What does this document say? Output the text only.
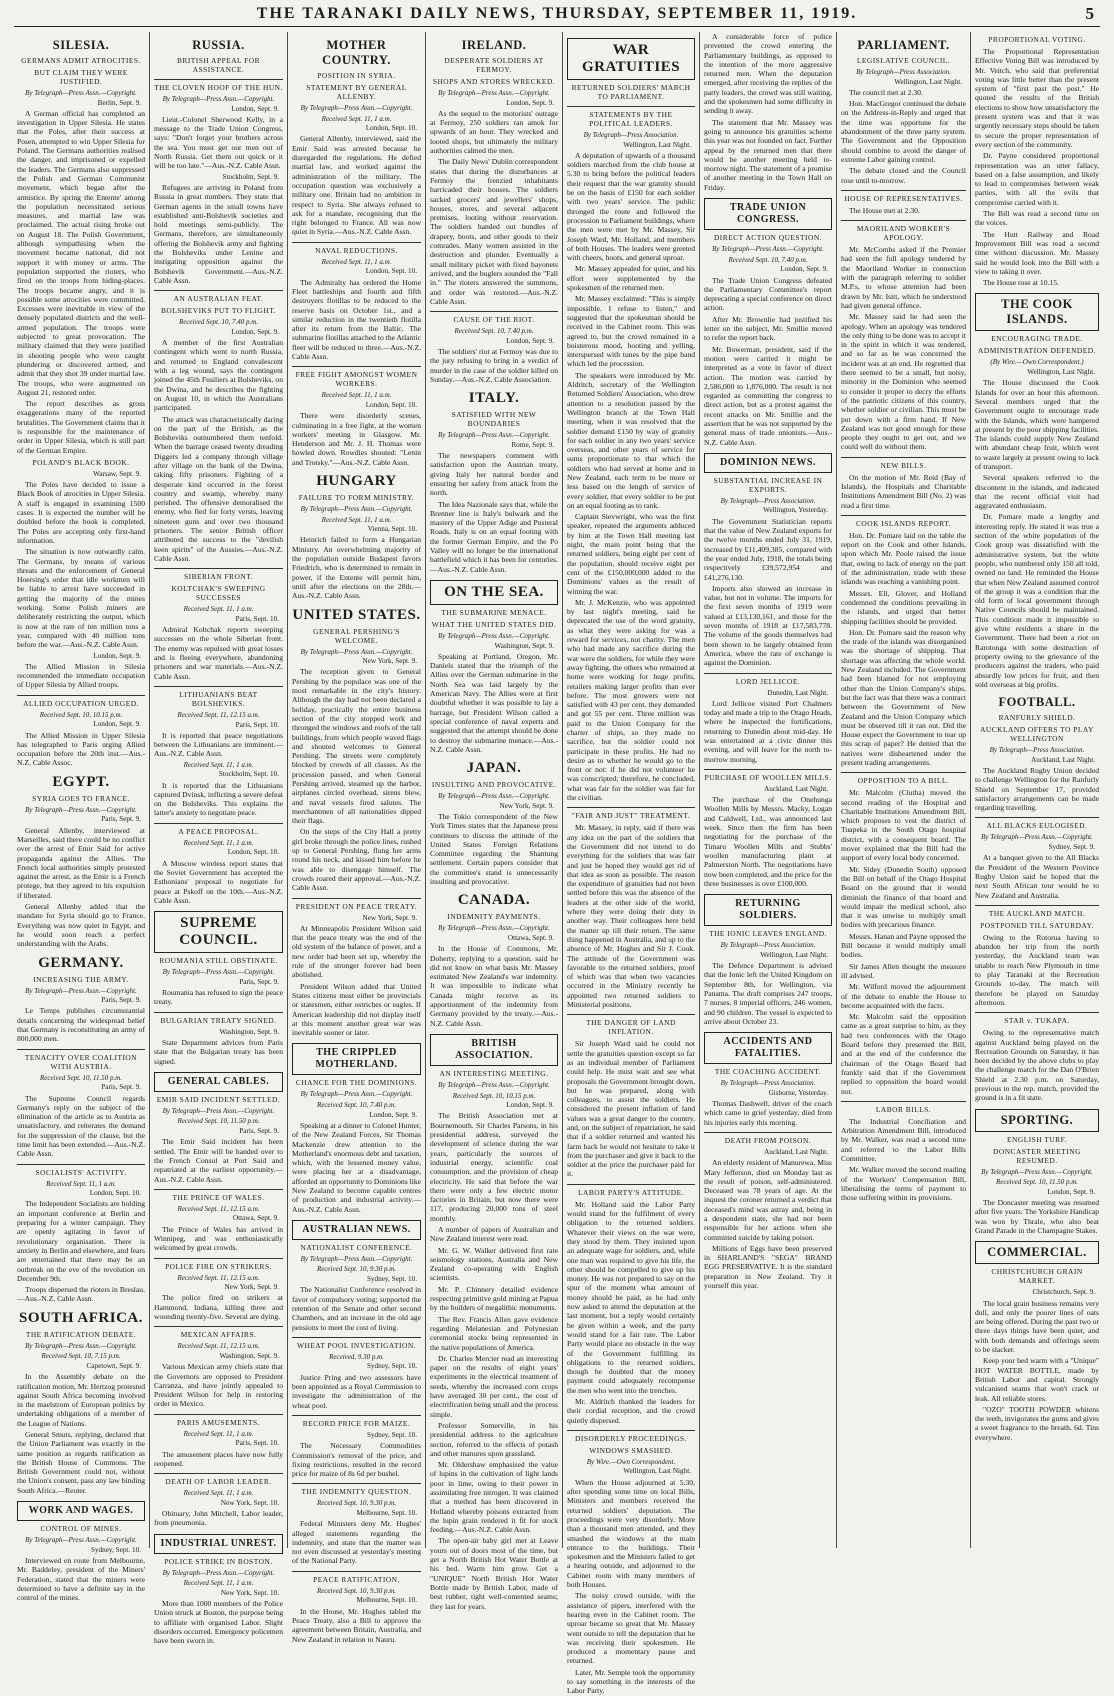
THE TARANAKI DAILY NEWS, THURSDAY, SEPTEMBER 11, 1919.	5
SILESIA.
GERMANS ADMIT ATROCITIES.
BUT CLAIM THEY WERE JUSTIFIED.
By Telegraph—Press Assn.—Copyright.
Berlin, Sept. 9.

A German official has completed an investigation in Upper Silesia. He states that the Poles, after their success at Posen, attempted to win Upper Silesia for Poland. The Germans authorities realised the danger, and imprisoned or expelled the leaders. The Germans also suppressed the Polish and German Communist movement, which began after the armistice. By spring the Entente' among the population necessitated serious measures, and martial law was proclaimed. The actual rising broke out on August 18. The Polish Government, although sympathising when the movement became national, did not support it with money or arms. The population supported the rioters, who fired on the troops from hiding-places. The troops became angry, and it is possible some atrocities were committed. Excesses were inevitable in view of the densely populated districts and the well-armed population. The troops were subjected to great provocation. The military claimed that they were justified in shooting people who were caught plundering or discovered armed, and admit that they shot 39 under martial law. The troops, who were augmented on August 21, restored order.

The report describes as gross exaggerations many of the reported brutalities. The Government claims that it is responsible for the maintenance of order in Upper Silesia, which is still part of the German Empire.

POLAND'S BLACK BOOK.
Warsaw, Sept. 9.

The Poles have decided to issue a Black Book of atrocities in Upper Silesia. A staff is engaged in examining 1500 cases. It is expected the number will be doubled before the book is completed. The Poles are accepting only first-hand information.

The situation is now outwardly calm. The Germans, by means of various threats and the enforcement of General Hoersing's order that idle workmen will be liable to arrest have succeeded in getting the majority of the mines working. Some Polish miners are deliberately restricting the output, which is now at the rate of ten million tons a year, compared with 40 million tons before the war.—Aus.-N.Z. Cable Assn.

London, Sept. 9.

The Allied Mission in Silesia recommended the immediate occupation of Upper Silesia by Allied troops.

ALLIED OCCUPATION URGED.
Received Sept. 10, 10.15 p.m.
London, Sept. 9.

The Allied Mission in Upper Silesia has telegraphed to Paris urging Allied occupation before the 20th inst.—Aus.-N.Z. Cable Assoc.

EGYPT.
SYRIA GOES TO FRANCE.
By Telegraph—Press Assn.—Copyright.
Paris, Sept. 9.

General Allenby, interviewed at Marseilles, said there could be no conflict over the arrest of Emir Said for active propaganda against the Allies. The French local authorities simply protested against the arrest, as the Emir is a French protege, but they agreed to his expulsion if liberated.

General Allenby added that the mandate for Syria should go to France. Everything was now quiet in Egypt, and he would soon reach a perfect understanding with the Arabs.

GERMANY.
INCREASING THE ARMY.
By Telegraph—Press Assn.—Copyright.
Paris, Sept. 9.

Le Temps publishes circumstantial details concerning the widespread belief that Germany is reconstituting an army of 800,000 men.

TENACITY OVER COALITION WITH AUSTRIA.
Received Sept. 10, 11.50 p.m.
Paris, Sept. 9.

The Supreme Council regards Germany's reply on the subject of the elimination of the article as to Austria as unsatisfactory, and reiterates the demand for the suppression of the clause, but the time limit has been extended.—Aus.-N.Z. Cable Assn.

SOCIALISTS' ACTIVITY.
Received Sept. 11, 1 a.m.
London, Sept. 10.

The Independent Socialists are holding an important conference at Berlin and preparing for a winter campaign. They are openly agitating in favor of revolutionary organisation. There is anxiety in Berlin and elsewhere, and fears are entertained that there may be an outbreak on the eve of the revolution on December 9th.

Troops dispersed the rioters in Breslau.—Aus.-N.Z. Cable Assn.

SOUTH AFRICA.
THE RATIFICATION DEBATE.
By Telegraph—Press Assn.—Copyright.
Received Sept. 10, 7.15 p.m.
Capetown, Sept. 9.

In the Assembly debate on the ratification motion, Mr. Hertzog protested against South Africa becoming involved in the maelstrom of European politics by undertaking obligations of a member of the League of Nations.

General Smuts, replying, declared that the Union Parliament was exactly in the same position as regards ratification as the British House of Commons. The British Government could not, without the Union's consent, pass any law binding South Africa.—Reuter.

WORK AND WAGES.
CONTROL OF MINES.
By Telegraph—Press Assn.—Copyright.
Sydney, Sept. 10.

Interviewed en route from Melbourne, Mr. Baddeley, president of the Miners' Federation, stated that the miners were determined to have a definite say in the control of the mines.

RUSSIA.
BRITISH APPEAL FOR ASSISTANCE.
THE CLOVEN HOOF OF THE HUN.
By Telegraph—Press Assn.—Copyright.
London, Sept. 9.

Lieut.-Colonel Sherwood Kelly, in a message to the Trade Union Congress, says: "Don't forget your brothers across the sea. You must get our men out of North Russia. Get them out quick or it will be too late."—Aus.-N.Z. Cable Assn.

Stockholm, Sept. 9.

Refugees are arriving in Poland from Russia in great numbers. They state that German agents in the small towns have established anti-Bolshevik societies and hold meetings semi-publicly. The Germans, therefore, are simultaneously offering the Bolshevik army and fighting the Bolsheviks under Lenine and instigating opposition against the Bolshevik Government.—Aus.-N.Z. Cable Assn.

AN AUSTRALIAN FEAT.
BOLSHEVIKS PUT TO FLIGHT.
Received Sept. 10, 7.40 p.m.
London, Sept. 9.

A member of the first Australian contingent which went to north Russia, and returned to England convalescent with a leg wound, says the contingent joined the 45th Fusiliers at Bolsheviks, on the Dwina, and he describes the fighting on August 10, in which the Australians participated.

The attack was characteristically daring on the part of the British, as the Bolsheviks outnumbered them tenfold. When the barrage ceased twenty dreading Diggers led a company through village after village on the bank of the Dwina, taking fifty prisoners. Fighting of a desperate kind occurred in the forest country and swamp, whereby many perished. The offensive demoralised the enemy, who fled for forty versts, leaving nineteen guns and over two thousand prisoners. The senior British officer attributed the success to the "devilish keen spirits" of the Aussies.—Aus.-N.Z. Cable Assn.

SIBERIAN FRONT.
KOLTCHAK'S SWEEPING SUCCESSES
Received Sept. 11, 1 a.m.
Paris, Sept. 10.

Admiral Koltchak reports sweeping successes on the whole Siberian front. The enemy was repulsed with great losses and is fleeing everywhere, abandoning prisoners and war materials.—Aus.-N.Z. Cable Assn.

LITHUANIANS BEAT BOLSHEVIKS.
Received Sept. 11, 12.15 a.m.
Paris, Sept. 10.

It is reported that peace negotiations between the Lithuanians are imminent.—Aus.-N.Z. Cable Assn.

Received Sept. 11, 1 a.m.
Stockholm, Sept. 10.

It is reported that the Lithuanians captured Dvinsk, inflicting a severe defeat on the Bolsheviks. This explains the latter's anxiety to negotiate peace.

A PEACE PROPOSAL.
Received Sept. 11, 1 a.m.
London, Sept. 10.

A Moscow wireless report states that the Soviet Government has accepted the Esthonians' proposal to negotiate for peace at Pskoff on the 10th.—Aus.-N.Z. Cable Assn.

SUPREME COUNCIL.
ROUMANIA STILL OBSTINATE.
By Telegraph—Press Assn.—Copyright.
Paris, Sept. 9.

Roumania has refused to sign the peace treaty.

BULGARIAN TREATY SIGNED.
Washington, Sept. 9.

State Department advices from Paris state that the Bulgarian treaty has been signed.

GENERAL CABLES.
EMIR SAID INCIDENT SETTLED.
By Telegraph—Press Assn.—Copyright.
Received Sept. 10, 11.50 p.m.
Paris, Sept. 9.

The Emir Said incident has been settled. The Emir will be handed over to the French Consul at Port Said and repatriated at the earliest opportunity.—Aus.-N.Z. Cable Assn.

THE PRINCE OF WALES.
Received Sept. 11, 12.15 a.m.
Ottawa, Sept. 9.

The Prince of Wales has arrived in Winnipeg, and was enthusiastically welcomed by great crowds.

POLICE FIRE ON STRIKERS.
Received Sept. 11, 12.15 a.m.
New York, Sept. 9.

The police fired on strikers at Hammond, Indiana, killing three and wounding twenty-five. Several are dying.

MEXICAN AFFAIRS.
Received Sept. 11, 12.15 a.m.
Washington, Sept. 9.

Various Mexican army chiefs state that the Governors are opposed to President Carranza, and have jointly appealed to President Wilson for help in restoring order in Mexico.

PARIS AMUSEMENTS.
Received Sept. 11, 1 a.m.
Paris, Sept. 10.

The amusement places have now fully reopened.

DEATH OF LABOR LEADER.
Received Sept. 11, 1 a.m.
New York, Sept. 10.

Obituary, John Mitchell, Labor leader, from pneumonia.

INDUSTRIAL UNREST.
POLICE STRIKE IN BOSTON.
By Telegraph—Press Assn.—Copyright.
Received Sept. 11, 1 a.m.
New York, Sept. 10.

More than 1000 members of the Police Union struck at Boston, the purpose being to affiliate with organised Labor. Slight disorders occurred. Emergency policemen have been sworn in.

MOTHER COUNTRY.
POSITION IN SYRIA.
STATEMENT BY GENERAL ALLENBY.
By Telegraph—Press Assn.—Copyright.
Received Sept. 11, 1 a.m.
London, Sept. 10.

General Allenby, interviewed, said the Emir Said was arrested because he disregarded the regulations. He defied martial law, and worked against the administration of the military. The occupation question was exclusively a military one. Britain had no ambition in respect to Syria. She always refused to ask for a mandate, recognising that the right belonged to France. All was now quiet in Syria.—Aus.-N.Z. Cable Assn.

NAVAL REDUCTIONS.
Received Sept. 11, 1 a.m.
London, Sept. 10.

The Admiralty has ordered the Home Fleet battleships and fourth and fifth destroyers flotillas to be reduced to the reserve basis on October 1st., and a similar reduction in the twentieth flotilla after its return from the Baltic. The submarine flotillas attached to the Atlantic fleet will be reduced to three.—Aus.-N.Z. Cable Assn.

FREE FIGHT AMONGST WOMEN WORKERS.
Received Sept. 11, 1 a.m.
London, Sept. 10.

There were disorderly scenes, culminating in a free fight, at the women workers' meeting in Glasgow. Mr. Henderson and Mr. J. H. Thomas were howled down. Rowdies shouted: "Lenin and Trotsky."—Aus.-N.Z. Cable Assn.

HUNGARY
FAILURE TO FORM MINISTRY.
By Telegraph—Press Assn.—Copyright.
Received Sept. 11, 1 a.m.
Vienna, Sept. 10.

Heinrich failed to form a Hungarian Ministry. An overwhelming majority of the population outside Budapest favors Friedrich, who is determined to remain in power, if the Entente will permit him, until after the elections on the 28th.—Aus.-N.Z. Cable Assn.

UNITED STATES.
GENERAL PERSHING'S WELCOME.
By Telegraph—Press Assn.—Copyright.
New York, Sept. 9.

The reception given to General Pershing by the populace was one of the most remarkable in the city's history. Although the day had not been declared a holiday, practically the entire business section of the city stopped work and thronged the windows and roofs of the tall buildings, from which people waved flags and shouted welcomes to General Pershing. The streets were completely blocked by crowds of all classes. As the procession passed, and when General Pershing arrived, steamed up the harbor, airplanes circled overhead, sirens blew, and naval vessels fired salutes. The merchantmen of all nationalities dipped their flags.

On the steps of the City Hall a pretty girl broke through the police lines, rushed up to General Pershing, flung her arms round his neck, and kissed him before he was able to disengage himself. The crowds roared their approval.—Aus.-N.Z. Cable Assn.

PRESIDENT ON PEACE TREATY.
New York, Sept. 9.

At Minneapolis President Wilson said that the peace treaty was the end of the old system of the balance of power, and a new order had been set up, whereby the rule of the stronger forever had been abolished.

President Wilson added that United States citizens must either be provincials or statesmen, either ostriches or eagles. If American leadership did not display itself at this moment another great war was inevitable sooner or later.

THE CRIPPLED MOTHERLAND.
CHANCE FOR THE DOMINIONS.
By Telegraph—Press Assn.—Copyright.
Received Sept. 10, 7.40 p.m.
London, Sept. 9.

Speaking at a dinner to Colonel Hunter, of the New Zealand Forces, Sir Thomas Mackenzie drew attention to the Motherland's enormous debt and taxation, which, with the lessened money value, were placing her at a disadvantage, afforded an opportunity to Dominions like New Zealand to become capable centres of production and industrial activity.—Aus.-N.Z. Cable Assn.

AUSTRALIAN NEWS.
NATIONALIST CONFERENCE.
By Telegraph—Press Assn.—Copyright.
Received Sept. 10, 9.30 p.m.
Sydney, Sept. 10.

The Nationalist Conference resolved in favor of compulsory voting; supported the retention of the Senate and other second Chambers, and an increase in the old age pensions to meet the cost of living.

WHEAT POOL INVESTIGATION.
Received, 9.30 p.m.
Sydney, Sept. 10.

Justice Pring and two assessors have been appointed as a Royal Commission to investigate the administration of the wheat pool.

RECORD PRICE FOR MAIZE.
Sydney, Sept. 10.

The Necessary Commodities Commission's removal of the price, and fixing restrictions, resulted in the record price for maize of 8s 6d per bushel.

THE INDEMNITY QUESTION.
Received Sept. 10, 9.30 p.m.
Melbourne, Sept. 10.

Federal Ministers deny Mr. Hughes' alleged statements regarding the indemnity, and state that the matter was not even discussed at yesterday's meeting of the National Party.

PEACE RATIFICATION.
Received Sept. 10, 9.30 p.m.
Melbourne, Sept. 10.

In the House, Mr. Hughes tabled the Peace Treaty, also a Bill to approve the agreement between Britain, Australia, and New Zealand in relation to Nauru.

IRELAND.
DESPERATE SOLDIERS AT FERMOY.
SHOPS AND STORES WRECKED.
By Telegraph—Press Assn.—Copyright.
London, Sept. 9.

As the sequel to the motorists' outrage at Fermoy, 250 soldiers ran amok for upwards of an hour. They wrecked and looted shops, but ultimately the military authorities calmed the men.

The Daily News' Dublin correspondent states that during the disturbances at Fermoy the frenzied inhabitants barricaded their houses. The soldiers sacked grocers' and jewellers' shops, houses, stores, and several adjacent premises, looting without reservation. The soldiers handed out bundles of drapery, boots, and other goods to their comrades. Many women assisted in the destruction and plunder. Eventually a small military picket with fixed bayonets arrived, and the buglers sounded the "Fall in." The rioters answered the summons, and order was restored.—Aus.-N.Z. Cable Assn.

CAUSE OF THE RIOT.
Received Sept. 10, 7.40 p.m.
London, Sept. 9.

The soldiers' riot at Fermoy was due to the jury refusing to bring in a verdict of murder in the case of the soldier killed on Sunday.—Aus.-N.Z. Cable Association.

ITALY.
SATISFIED WITH NEW BOUNDARIES
By Telegraph—Press Assn.—Copyright.
Rome, Sept. 9.

The newspapers comment with satisfaction upon the Austrian treaty, giving Italy her natural border and ensuring her safety from attack from the north.

The Idea Nazionale says that, while the Brenner line is Italy's bulwark and the mastery of the Upper Adige and Pusteral Roads, Italy is on an equal footing with the former German Empire, and the Po Valley will no longer be the international battlefield which it has been for centuries.—Aus.-N.Z. Cable Assn.

ON THE SEA.
THE SUBMARINE MENACE.
WHAT THE UNITED STATES DID.
By Telegraph—Press Assn.—Copyright.
Washington, Sept. 9.

Speaking at Portland, Oregon, Mr. Daniels stated that the triumph of the Allies over the German submarine in the North Sea was laid largely by the American Navy. The Allies were at first doubtful whether it was possible to lay a barrage, but President Wilson called a special conference of naval experts and suggested that the attempt should be done to destroy the submarine menace.—Aus.-N.Z. Cable Assn.

JAPAN.
INSULTING AND PROVOCATIVE.
By Telegraph—Press Assn.—Copyright.
New York, Sept. 9.

The Tokio correspondent of the New York Times states that the Japanese press continues to discuss the attitude of the United States Foreign Relations Committee regarding the Shantung settlement. Certain papers consider that the committee's stand is unnecessarily insulting and provocative.

CANADA.
INDEMNITY PAYMENTS.
By Telegraph—Press Assn.—Copyright.
Ottawa, Sept. 9.

In the House of Commons, Mr. Doherty, replying to a question, said he did not know on what basis Mr. Massey estimated New Zealand's war indemnity. It was impossible to indicate what Canada might receive as its apportionment of the indemnity from Germany provided by the treaty.—Aus.-N.Z. Cable Assn.

BRITISH ASSOCIATION.
AN INTERESTING MEETING.
By Telegraph—Press Assn.—Copyright.
Received Sept. 10, 10.15 p.m.
London, Sept. 9.

The British Association met at Bournemouth. Sir Charles Parsons, in his presidential address, surveyed the development of science during the war years, particularly the sources of industrial energy, scientific coal consumption, and the provision of cheap electricity. He said that before the war there were only a few electric motor factories in Britain, but now there were 117, producing 20,000 tons of steel monthly.

A number of papers of Australian and New Zealand interest were read.

Mr. G. W. Walker delivered first rate seismology stations, Australia and New Zealand co-operating with English scientists.

Mr. P. Chinnery detailed evidence respecting primitive gold mining at Papua by the builders of megalithic monuments.

The Rev. Francis Allen gave evidence regarding Melanesian and Polynesian ceremonial stocks being represented in the native populations of America.

Dr. Charles Mercier read an interesting paper on the results of eight years' experiments in the electrical treatment of seeds, whereby the increased corn crops have averaged 30 per cent., the cost of electrification being small and the process simple.

Professor Somerville, in his presidential address to the agriculture section, referred to the effects of potash and other manures upon grassland.

Mr. Oldershaw emphasised the value of lupins in the cultivation of light lands poor in lime, owing to their power in assimilating free nitrogen. It was claimed that a method has been discovered in Holland whereby poisons extracted from the lupin grain rendered it fit for stock feeding.—Aus.-N.Z. Cable Assn.

The open-air baby girl met at Leave yours out of doors most of the time, but get a North British Hot Water Bottle at his bed. Warm him grow. Get a "UNIQUE" North British Hot Water Bottle made by British Labor, made of best rubber, tight well-comented seams; they last for years.

WAR GRATUITIES
RETURNED SOLDIERS' MARCH TO PARLIAMENT.
STATEMENTS BY THE POLITICAL LEADERS.
By Telegraph—Press Association.
Wellington, Last Night.

A deputation of upwards of a thousand soldiers marched from the club house at 5.30 to bring before the political leaders their request that the war gratuity should be on the basis of £150 for each soldier with two years' service. The public thronged the route and followed the procession to Parliament buildings, where the men were met by Mr. Massey, Sir Joseph Ward, Mr. Holland, and members of both Houses. The leaders were greeted with cheers, hoots, and general uproar.

Mr. Massey appealed for quiet, and his effort were supplemented by the spokesmen of the returned men.

Mr. Massey exclaimed: "This is simply impossible. I refuse to listen," and suggested that the spokesman should be received in the Cabinet room. This was agreed to, but the crowd remained in a boisterous mood, hooting and yelling, interspersed with tunes by the pipe band which led the procession.

The speakers were introduced by Mr. Aldritch, secretary of the Wellington Returned Soldiers' Association, who drew attention to a resolution passed by the Wellington branch at the Town Hall meeting, when it was resolved that the soldier demand £150 by way of gratuity for each soldier in any two years' service overseas, and other years of service for sums proportionate to that which the soldiers who had served at home and in New Zealand, each term to be more or less based on the length of service of every soldier, that every soldier to be put on an equal footing as to rank.

Captain Sievwright, who was the first speaker, repeated the arguments adduced by him at the Town Hall meeting last night, the main point being that the returned soldiers, being eight per cent of the population, should receive eight per cent of the £150,000,000 added to the Dominions' values as the result of winning the war.

Mr. J. McKenzie, who was appointed by last night's meeting, said he deprecated the use of the word gratuity, as what they were asking for was a reward for services, not charity. The men who had made any sacrifice during the war were the soldiers, for while they were away fighting, the others who remained at home were working for huge profits, retailers making larger profits than ever before. The most growers were not satisfied with 43 per cent. they demanded and got 55 per cent. Three million was paid to the Union Company for the charter of ships, so they made no sacrifice, but the soldier could not participate in these profits. He had no desire as to whether he would go to the front or not: if he did not volunteer he was conscripted; therefore, he concluded, what was fair for the soldier was fair for the civilian.

"FAIR AND JUST" TREATMENT.

Mr. Massey, in reply, said if there was any idea on the part of the soldiers that the Government did not intend to do everything for the soldiers that was fair and just he hoped they would get rid of that idea as soon as possible. The reason the expenditure of gratuities had not been settled before this was the absence of the leaders at the other side of the world, where they were doing their duty in another way. Their colleagues here held the matter up till their return. The same thing happened in Australia, and up to the absence of Mr. Hughes and Sir J. Cook. The attitude of the Government was favorable to the returned soldiers, proof of which was that when two vacancies occurred in the Ministry recently he appointed two returned soldiers to Ministerial positions.

THE DANGER OF LAND INFLATION.

Sir Joseph Ward said he could not settle the gratuities question except so far as an individual member of Parliament could help. He must wait and see what proposals the Government brought down, but he was prepared, along with colleagues, to assist the soldiers. He considered the present inflation of land values was a great danger to the country, and, on the subject of repatriation, he said that if a soldier returned and wanted his farm back he would not hesitate to take it from the purchaser and give it back to the soldier at the price the purchaser paid for it.

LABOR PARTY'S ATTITUDE.

Mr. Holland said the Labor Party would stand for the fulfilment of every obligation to the returned soldiers. Whatever their views on the war were, they stood by them. They insisted upon an adequate wage for soldiers, and, while one man was required to give his life, the other should be compelled to give up his money. He was not prepared to say on the spur of the moment what amount of money should be paid, as he had only now asked to attend the deputation at the last moment, but a reply would certainly be given within a week, and the party would stand for a fair rate. The Labor Party would place no obstacle in the way of the Government fulfilling its obligations to the returned soldiers, though he doubted that the money payment could adequately recompense the men who went into the trenches.

Mr. Aldritch thanked the leaders for their cordial reception, and the crowd quietly dispersed.

DISORDERLY PROCEEDINGS.
WINDOWS SMASHED.
By Wire.—Own Correspondent.
Wellington, Last Night.

When the House adjourned at 5.30, after spending some time on local Bills, Ministers and members received the returned soldiers' deputation. The proceedings were very disorderly. More than a thousand men attended, and they smashed the windows at the main entrance to the buildings. Their spokesmen and the Ministers failed to get a hearing outside, and adjourned to the Cabinet room with many members of both Houses.

The noisy crowd outside, with the assistance of pipers, interfered with the hearing even in the Cabinet room. The uproar became so great that Mr. Massey went outside to tell the deputation that he was receiving their spokesmen. He produced a momentary pause and returned.

Later, Mr. Semple took the opportunity to say something in the interests of the Labor Party.

A considerable force of police prevented the crowd entering the Parliamentary buildings, as opposed to the intention of the more aggressive returned men. When the deputation emerged, after receiving the replies of the party leaders, the crowd was still waiting, and the spokesmen had some difficulty in sending it away.

The statement that Mr. Massey was going to announce his gratuities scheme this year was not founded on fact. Further appeal by the returned men that there would be another meeting held to-morrow night. The statement of a promise of another meeting in the Town Hall on Friday.

TRADE UNION CONGRESS.
DIRECT ACTION QUESTION.
By Telegraph—Press Assn.—Copyright.
Received Sept. 10, 7.40 p.m.
London, Sept. 9.

The Trade Union Congress defeated the Parliamentary Committee's report deprecating a special conference on direct action.

After Mr. Brownlie had justified his letter on the subject, Mr. Smillie moved to refer the report back.

Mr. Bowerman, president, said if the motion were carried it might be interpreted as a vote in favor of direct action. The motion was carried by 2,586,000 to 1,876,000. The result is not regarded as committing the congress to direct action, but as a protest against the recent attacks on Mr. Smillie and the assertion that he was not supported by the general mass of trade unionists.—Aus.-N.Z. Cable Assn.

DOMINION NEWS.
SUBSTANTIAL INCREASE IN EXPORTS.
By Telegraph—Press Association.
Wellington, Yesterday.

The Government Statistician reports that the value of New Zealand exports for the twelve months ended July 31, 1919, increased by £11,409,385, compared with the year ended July, 1918, the totals being respectively £39,572,954 and £41,276,130.

Imports also showed an increase in value, but not in volume. The imports for the first seven months of 1919 were valued at £13,130,161, and those for the seven months of 1918 at £17,583,778. The volume of the goods themselves had been shown to be largely obtained from America, where the rate of exchange is against the Dominion.

LORD JELLICOE.
Dunedin, Last Night.

Lord Jellicoe visited Port Chalmers today and made a trip to the Otago Heads, where he inspected the fortifications, returning to Dunedin about mid-day. He was entertained at a civic dinner this evening, and will leave for the north to-morrow morning.

PURCHASE OF WOOLLEN MILLS.
Auckland, Last Night.

The purchase of the Onehunga Woollen Mills by Messrs. Macky, Logan and Caldwell, Ltd., was announced last week. Since then the firm has been negotiating for the purchase of the Timaru Woollen Mills and Stubbs' woollen manufacturing plant at Palmerston North. The negotiations have now been completed, and the price for the three businesses is over £100,000.

RETURNING SOLDIERS.
THE IONIC LEAVES ENGLAND.
By Telegraph—Press Association.
Wellington, Last Night.

The Defence Department is advised that the Ionic left the United Kingdom on September 8th, for Wellington, via Panama. The draft comprises 247 troops, 7 nurses, 8 imperial officers, 246 women, and 90 children. The vessel is expected to arrive about October 23.

ACCIDENTS AND FATALITIES.
THE COACHING ACCIDENT.
By Telegraph—Press Association.
Gisborne, Yesterday.

Thomas Dashwell, driver of the coach which came to grief yesterday, died from his injuries early this morning.

DEATH FROM POISON.
Auckland, Last Night.

An elderly resident of Manurewa, Miss Mary Jefferson, died on Monday last as the result of poison, self-administered. Deceased was 78 years of age. At the inquest the coroner returned a verdict that deceased's mind was astray and, being in a despondent state, she had not been responsible for her actions when she committed suicide by taking poison.

Millions of Eggs have been preserved in SHARLAND'S "SEGA" BRAND EGG PRESERVATIVE. It is the standard preparation in New Zealand. Try it yourself this year.

PARLIAMENT.
LEGISLATIVE COUNCIL.
By Telegraph—Press Association.
Wellington, Last Night.

The council met at 2.30.

Hon. MacGregor continued the debate on the Address-in-Reply and urged that the time was opportune for the abandonment of the three party system. The Government and the Opposition should combine to avoid the danger of extreme Labor gaining control.

The debate closed and the Council rose until to-morrow.

HOUSE OF REPRESENTATIVES.

The House met at 2.30.

MAORILAND WORKER'S APOLOGY.

Mr. McCombs asked if the Premier had seen the full apology tendered by the Maoriland Worker in connection with the paragraph referring to soldier M.P.s, to whose attention had been drawn by Mr. Isitt, which he understood had given general offence.

Mr. Massey said he had seen the apology. When an apology was tendered the only thing to be done was to accept it in the spirit in which it was tendered, and so far as he was concerned the incident was at an end. He regretted that there seemed to be a small, but noisy, minority in the Dominion who seemed to consider it proper to decry the efforts of the patriotic citizens of this country, whether soldier or civilian. This must be put down with a firm hand. If New Zealand was not good enough for these people they ought to get out, and we could well do without them.

NEW BILLS.

On the motion of Mr. Reid (Bay of Islands), the Hospitals and Charitable Institutions Amendment Bill (No. 2) was read a first time.

COOK ISLANDS REPORT.

Hon. Dr. Pomare laid on the table the report on the Cook and other Islands, upon which Mr. Poole raised the issue that, owing to lack of energy on the part of the administration, trade with these islands was reaching a vanishing point.

Messrs. Ell, Glover, and Holland condemned the conditions prevailing in the islands, and urged that better shipping facilities should be provided.

Hon. Dr. Pomare said the reason why the trade of the islands was disorganised was the shortage of shipping. That shortage was affecting the whole world. New Zealand included. The Government had been blamed for not employing other than the Union Company's ships, but the fact was that there was a contract between the Government of New Zealand and the Union Company which must be observed till it ran out. Did the House expect the Government to tear up this scrap of paper? He denied that the natives were disheartened under the present trading arrangements.

OPPOSITION TO A BILL.

Mr. Malcolm (Clutha) moved the second reading of the Hospital and Charitable Institutions Amendment Bill, which proposes to vest the district of Tuapeka in the South Otago hospital district, with a consequent board. The mover explained that the Bill had the support of every local body concerned.

Mr. Sidey (Dunedin South) opposed the Bill on behalf of the Otago Hospital Board on the ground that it would diminish the finance of that board and would impair the medical school, also that it was unwise to multiply small bodies with precarious finance.

Messrs. Hanan and Payne opposed the Bill because it would multiply small bodies.

Sir James Allen thought the measure ill advised.

Mr. Wilford moved the adjournment of the debate to enable the House to become acquainted with the facts.

Mr. Malcolm said the opposition came as a great surprise to him, as they had two conferences with the Otago Board before they presented the Bill, and at the end of the conference the chairman of the Otago Board had frankly said that if the Government replied to opposition the board would not.

LABOR BILLS.

The Industrial Conciliation and Arbitration Amendment Bill, introduced by Mr. Walker, was read a second time and referred to the Labor Bills Committee.

Mr. Walker moved the second reading of the Workers' Compensation Bill, liberalising the terms of payment to those suffering within its provisions.

PROPORTIONAL VOTING.

The Proportional Representation Effective Voting Bill was introduced by Mr. Veitch, who said that preferential voting was little better than the present system of "first past the post." He quoted the results of the British elections to show how unsatisfactory the present system was and that it was urgently necessary steps should be taken to secure the proper representation of every section of the community.

Dr. Payne considered proportional representation was an utter fallacy, based on a false assumption, and likely to lead to compromises between weak parties, with all the evils that compromise carried with it.

The Bill was read a second time on the voices.

The Hutt Railway and Road Improvement Bill was read a second time without discussion. Mr. Massey said he would look into the Bill with a view to taking it over.

The House rose at 10.15.

THE COOK ISLANDS.
ENCOURAGING TRADE.
ADMINISTRATION DEFENDED.
(By Wire.—Own Correspondent.)
Wellington, Last Night.

The House discussed the Cook Islands for over an hour this afternoon. Several members urged that the Government ought to encourage trade with the Islands, which were hampered at present by the poor shipping facilities. The islands could supply New Zealand with abundant cheap fruit, which went to waste largely at present owing to lack of transport.

Several speakers referred to the discontent in the islands, and indicated that the recent official visit had aggravated enthusiasm.

Dr. Pomare made a lengthy and interesting reply. He stated it was true a section of the white population of the Cook group was dissatisfied with the administrative system, but the white people, who numbered only 150 all told, owned no land. He reminded the House that when New Zealand assumed control of the group it was a condition that the old form of local government through Native Councils should be maintained. This condition made it impossible to give white residents a share in the Government. There had been a riot on Rarotonga with some destruction of property owing to the grievance of the producers against the traders, who paid absurdly low prices for fruit, and then sold overseas at big profits.

FOOTBALL.
RANFURLY SHIELD.
AUCKLAND OFFERS TO PLAY WELLINGTON
By Telegraph—Press Association.
Auckland, Last Night.

The Auckland Rugby Union decided to challenge Wellington for the Ranfurly Shield on September 17, provided satisfactory arrangements can be made regarding travelling.

ALL BLACKS EULOGISED.
By Telegraph—Press Assn.—Copyright.
Sydney, Sept. 9.

At a banquet given to the All Blacks the President of the Western Province Rugby Union said he hoped that the next South African tour would be to New Zealand and Australia.

THE AUCKLAND MATCH.
POSTPONED TILL SATURDAY.

Owing to the Rotorua having to abandon her trip from the north yesterday, the Auckland team was unable to reach New Plymouth in time to play Taranaki at the Recreation Grounds to-day. The match will therefore be played on Saturday afternoon.

STAR v. TUKAPA.

Owing to the representative match against Auckland being played on the Recreation Grounds on Saturday, it has been decided by the above clubs to play the challenge match for the Dan O'Brien Shield at 2.30 p.m. on Saturday, previous to the rep. match, provided the ground is in a fit state.

SPORTING.
ENGLISH TURF.
DONCASTER MEETING RESUMED.
By Telegraph—Press Assn.—Copyright.
Received Sept. 10, 11.50 p.m.
London, Sept. 9.

The Doncaster meeting was resumed after five years. The Yorkshire Handicap was won by Thrale, who also beat Grand Parade in the Champagne Stakes.

COMMERCIAL.
CHRISTCHURCH GRAIN MARKET.
Christchurch, Sept. 9.

The local grain business remains very dull, and only the poorer lines of oats are being offered. During the past two or three days things have been quiet, and with both demands and offerings seem to be slacker.

Keep your bed warm with a "Unique" HOT WATER BOTTLE, made by British Labor and capital. Strongly vulcanised seams that won't crack or leak. All reliable stores.

"OZO" TOOTH POWDER whitens the teeth, invigorates the gums and gives a sweet fragrance to the breath. 6d. Tins everywhere.
